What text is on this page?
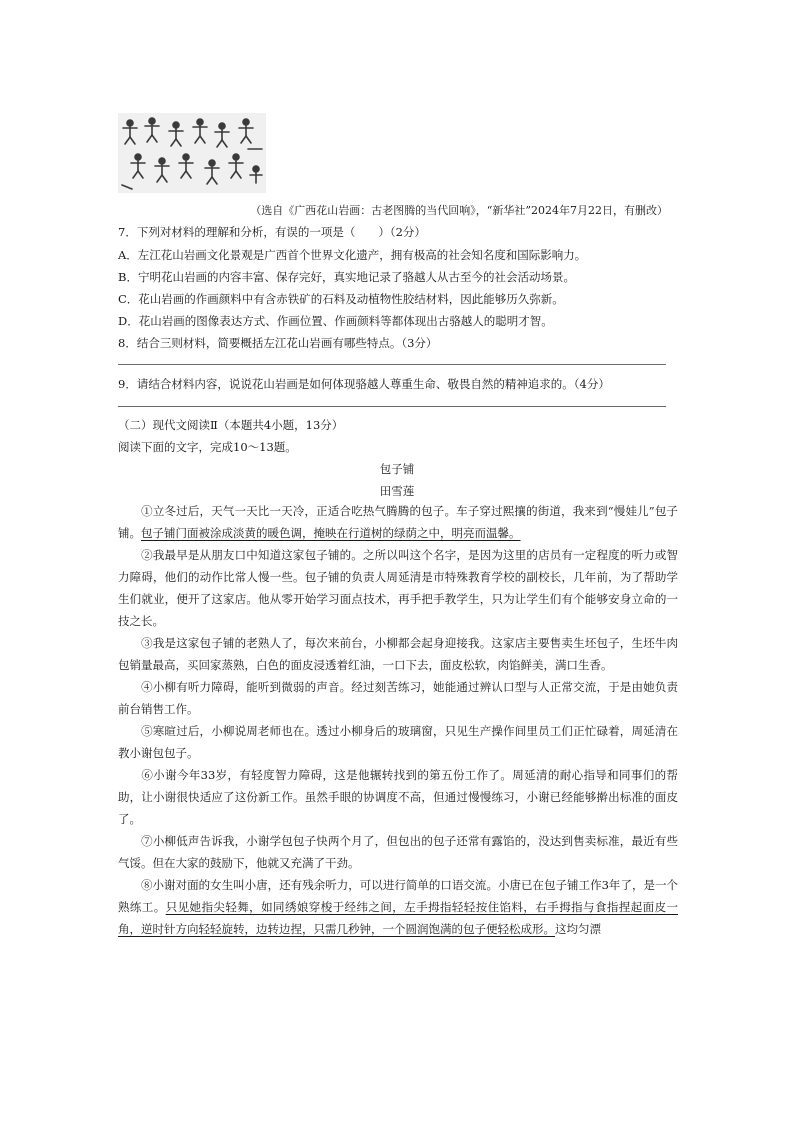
（选自《广西花山岩画：古老图腾的当代回响》，“新华社”2024年7月22日，有删改）
7．下列对材料的理解和分析，有误的一项是（　　）（2分）
A．左江花山岩画文化景观是广西首个世界文化遗产，拥有极高的社会知名度和国际影响力。
B．宁明花山岩画的内容丰富、保存完好，真实地记录了骆越人从古至今的社会活动场景。
C．花山岩画的作画颜料中有含赤铁矿的石料及动植物性胶结材料，因此能够历久弥新。
D．花山岩画的图像表达方式、作画位置、作画颜料等都体现出古骆越人的聪明才智。
8．结合三则材料，简要概括左江花山岩画有哪些特点。（3分）
9．请结合材料内容，说说花山岩画是如何体现骆越人尊重生命、敬畏自然的精神追求的。（4分）
（二）现代文阅读Ⅱ（本题共4小题，13分）
阅读下面的文字，完成10～13题。
包子铺
田雪莲
①立冬过后，天气一天比一天冷，正适合吃热气腾腾的包子。车子穿过熙攘的街道，我来到“慢娃儿”包子铺。包子铺门面被涂成淡黄的暖色调，掩映在行道树的绿荫之中，明亮而温馨。
②我最早是从朋友口中知道这家包子铺的。之所以叫这个名字，是因为这里的店员有一定程度的听力或智力障碍，他们的动作比常人慢一些。包子铺的负责人周延清是市特殊教育学校的副校长，几年前，为了帮助学生们就业，便开了这家店。他从零开始学习面点技术，再手把手教学生，只为让学生们有个能够安身立命的一技之长。
③我是这家包子铺的老熟人了，每次来前台，小柳都会起身迎接我。这家店主要售卖生坯包子，生坯牛肉包销量最高，买回家蒸熟，白色的面皮浸透着红油，一口下去，面皮松软，肉馅鲜美，满口生香。
④小柳有听力障碍，能听到微弱的声音。经过刻苦练习，她能通过辨认口型与人正常交流，于是由她负责前台销售工作。
⑤寒暄过后，小柳说周老师也在。透过小柳身后的玻璃窗，只见生产操作间里员工们正忙碌着，周延清在教小谢包包子。
⑥小谢今年33岁，有轻度智力障碍，这是他辗转找到的第五份工作了。周延清的耐心指导和同事们的帮助，让小谢很快适应了这份新工作。虽然手眼的协调度不高，但通过慢慢练习，小谢已经能够擀出标准的面皮了。
⑦小柳低声告诉我，小谢学包包子快两个月了，但包出的包子还常有露馅的，没达到售卖标准，最近有些气馁。但在大家的鼓励下，他就又充满了干劲。
⑧小谢对面的女生叫小唐，还有残余听力，可以进行简单的口语交流。小唐已在包子铺工作3年了，是一个熟练工。只见她指尖轻舞，如同绣娘穿梭于经纬之间，左手拇指轻轻按住馅料，右手拇指与食指捏起面皮一角，逆时针方向轻轻旋转，边转边捏，只需几秒钟，一个圆润饱满的包子便轻松成形。这均匀漂
